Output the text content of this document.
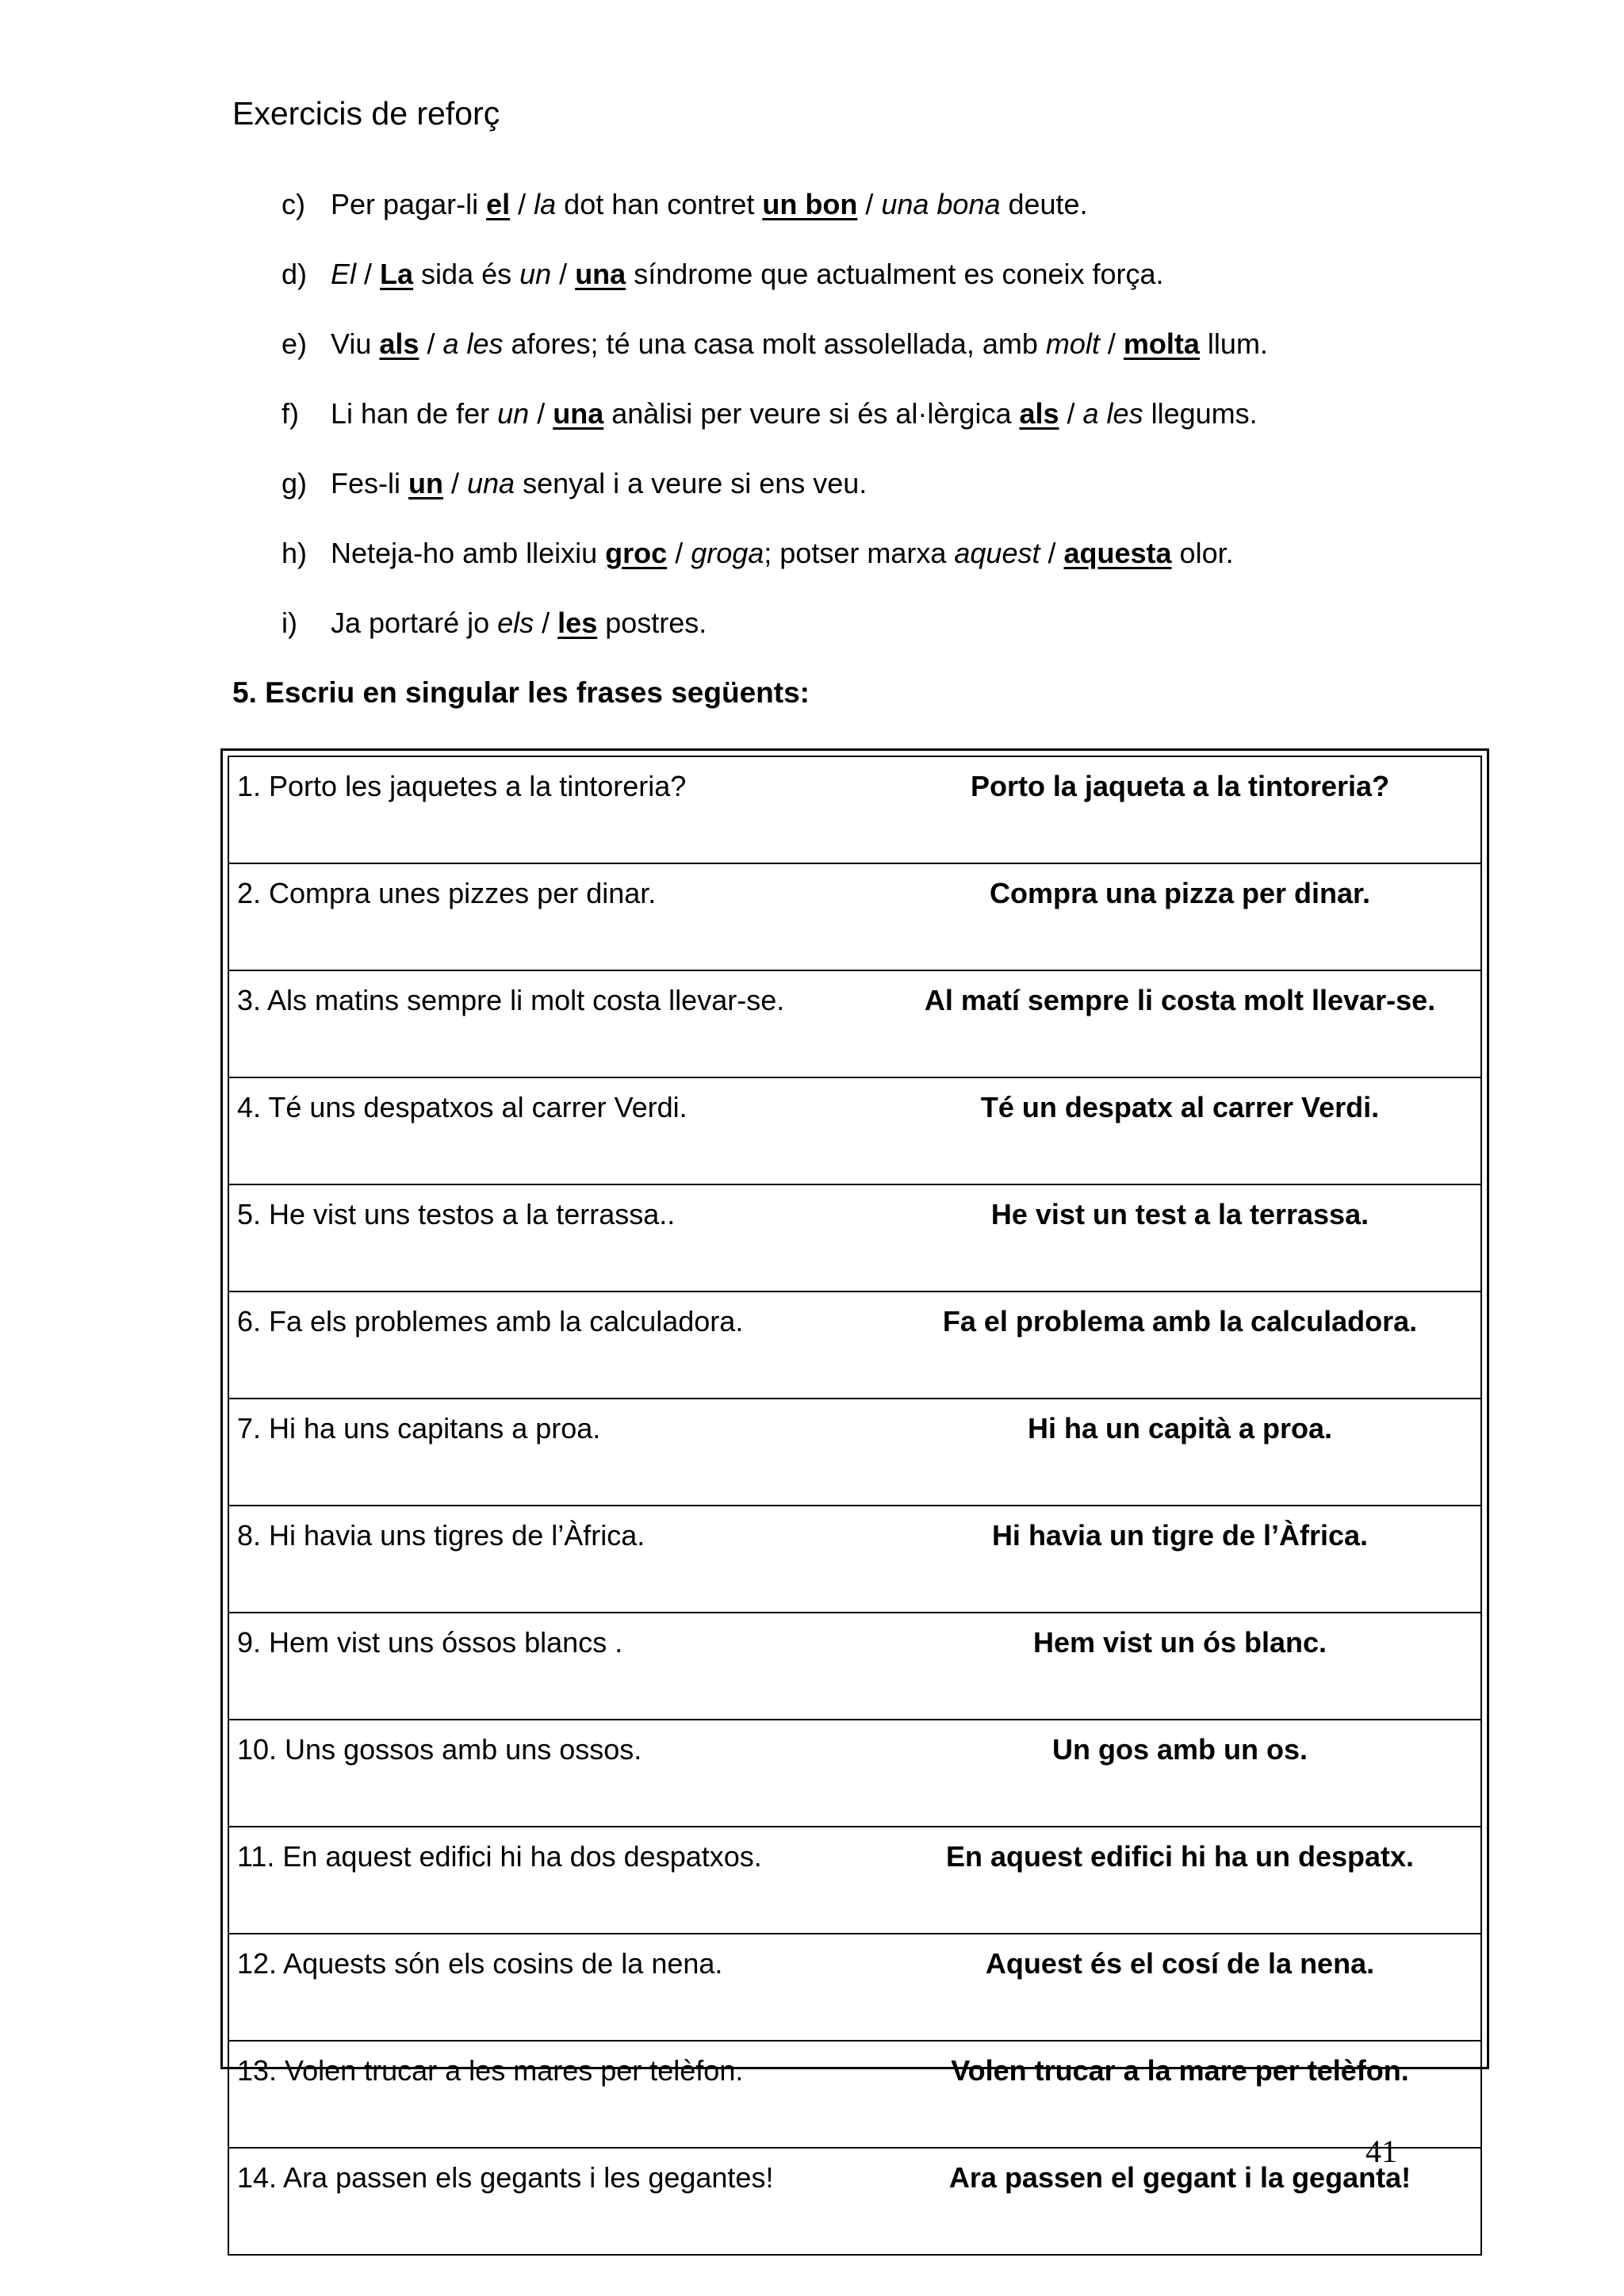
Exercicis de reforç
c) Per pagar-li el / la dot han contret un bon / una bona deute.
d) El / La sida és un / una síndrome que actualment es coneix força.
e) Viu als / a les afores; té una casa molt assolellada, amb molt / molta llum.
f)	Li han de fer un / una anàlisi per veure si és al·lèrgica als / a les llegums.
g) Fes-li un / una senyal i a veure si ens veu.
h) Neteja-ho amb lleixiu groc / groga; potser marxa aquest / aquesta olor.
i)	Ja portaré jo els / les postres.
5. Escriu en singular les frases següents:
1. Porto les jaquetes a la tintoreria?	Porto la jaqueta a la tintoreria?
2. Compra unes pizzes per dinar.	Compra una pizza per dinar.
3. Als matins sempre li molt costa llevar-se.	Al matí sempre li costa molt llevar-se.
4. Té uns despatxos al carrer Verdi.	Té un despatx al carrer Verdi.
5. He vist uns testos a la terrassa..	He vist un test a la terrassa.
6. Fa els problemes amb la calculadora.	Fa el problema amb la calculadora.
7. Hi ha uns capitans a proa.	Hi ha un capità a proa.
8. Hi havia uns tigres de l’Àfrica.	Hi havia un tigre de l’Àfrica.
9. Hem vist uns óssos blancs .	Hem vist un ós blanc.
10. Uns gossos amb uns ossos.	Un gos amb un os.
11. En aquest edifici hi ha dos despatxos.	En aquest edifici hi ha un despatx.
12. Aquests són els cosins de la nena.	Aquest és el cosí de la nena.
13. Volen trucar a les mares per telèfon.	Volen trucar a la mare per telèfon.
14. Ara passen els gegants i les gegantes!	Ara passen el gegant i la geganta!
41
